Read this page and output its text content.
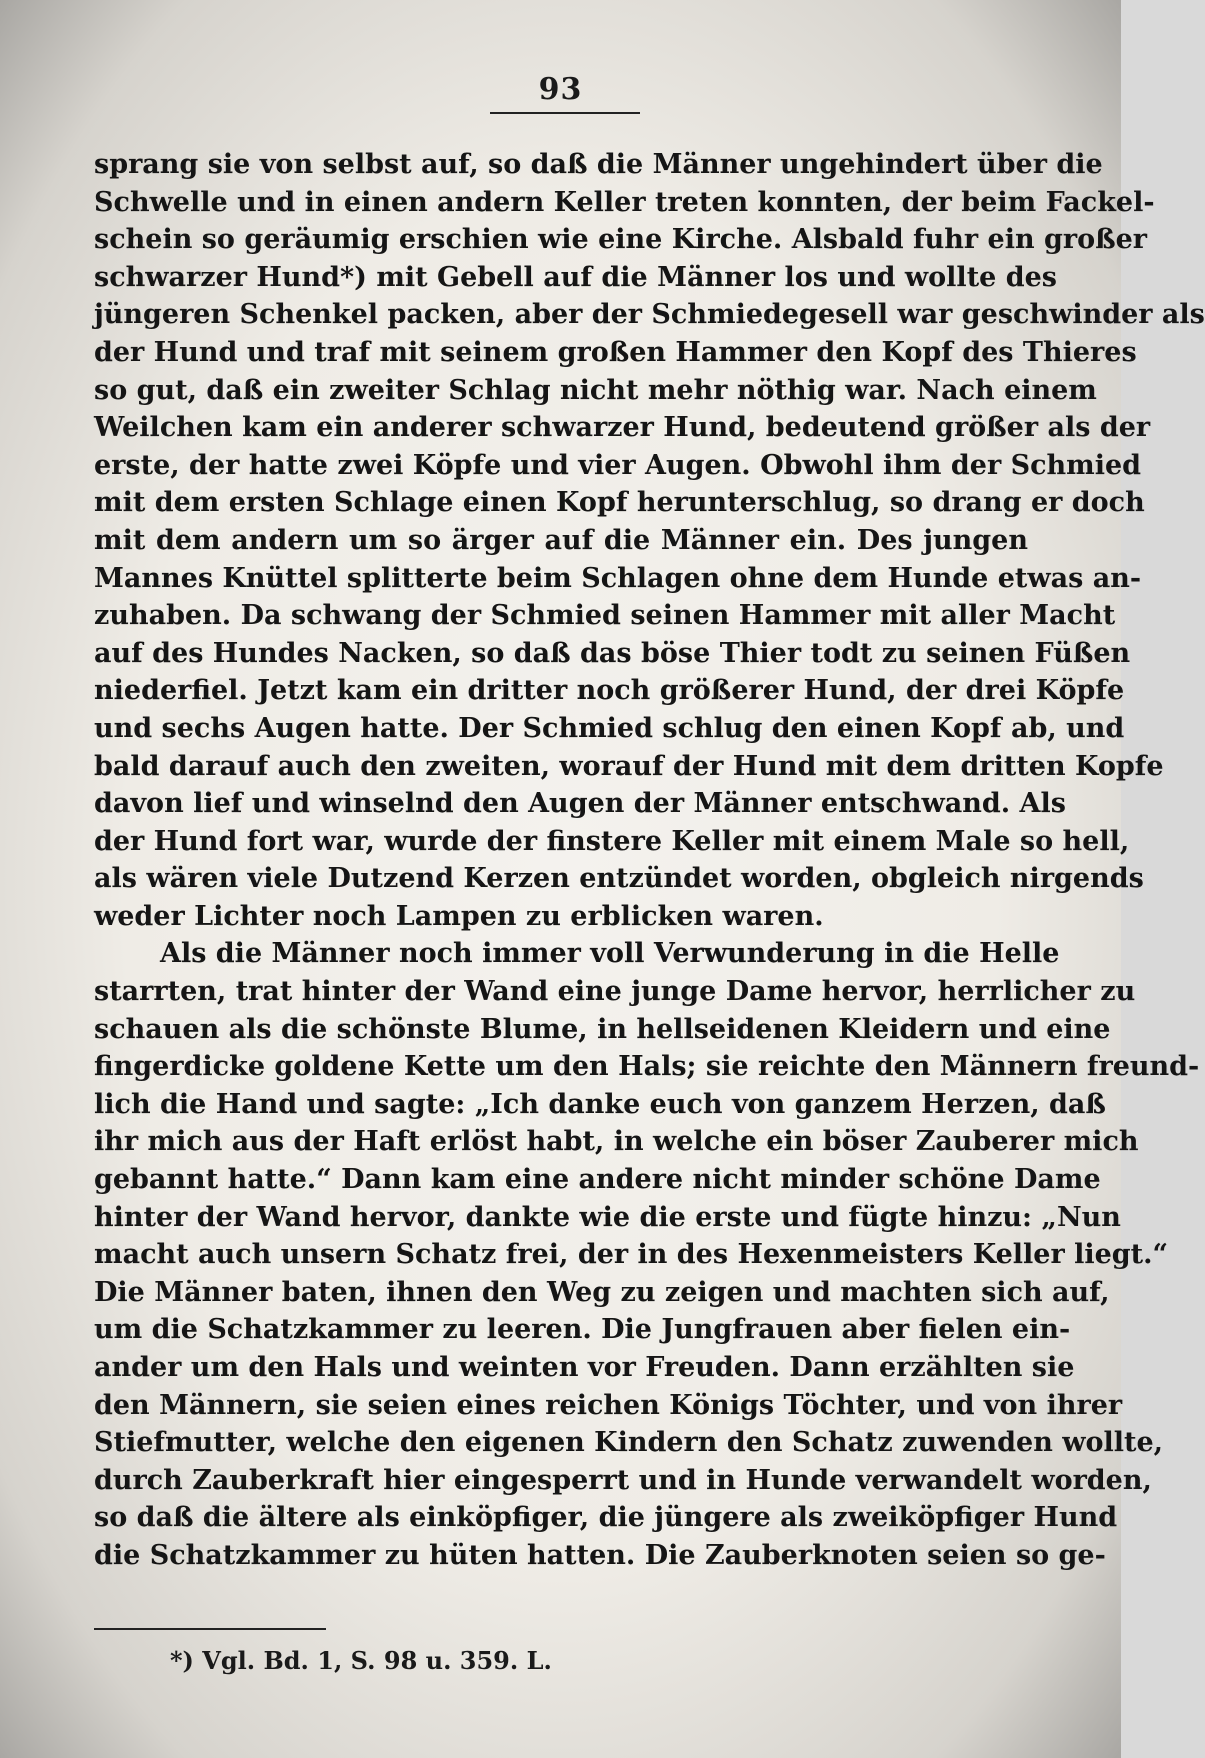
93
sprang sie von selbst auf, so daß die Männer ungehindert über die
Schwelle und in einen andern Keller treten konnten, der beim Fackel-
schein so geräumig erschien wie eine Kirche. Alsbald fuhr ein großer
schwarzer Hund*) mit Gebell auf die Männer los und wollte des
jüngeren Schenkel packen, aber der Schmiedegesell war geschwinder als
der Hund und traf mit seinem großen Hammer den Kopf des Thieres
so gut, daß ein zweiter Schlag nicht mehr nöthig war. Nach einem
Weilchen kam ein anderer schwarzer Hund, bedeutend größer als der
erste, der hatte zwei Köpfe und vier Augen. Obwohl ihm der Schmied
mit dem ersten Schlage einen Kopf herunterschlug, so drang er doch
mit dem andern um so ärger auf die Männer ein. Des jungen
Mannes Knüttel splitterte beim Schlagen ohne dem Hunde etwas an-
zuhaben. Da schwang der Schmied seinen Hammer mit aller Macht
auf des Hundes Nacken, so daß das böse Thier todt zu seinen Füßen
niederfiel. Jetzt kam ein dritter noch größerer Hund, der drei Köpfe
und sechs Augen hatte. Der Schmied schlug den einen Kopf ab, und
bald darauf auch den zweiten, worauf der Hund mit dem dritten Kopfe
davon lief und winselnd den Augen der Männer entschwand. Als
der Hund fort war, wurde der finstere Keller mit einem Male so hell,
als wären viele Dutzend Kerzen entzündet worden, obgleich nirgends
weder Lichter noch Lampen zu erblicken waren.
Als die Männer noch immer voll Verwunderung in die Helle
starrten, trat hinter der Wand eine junge Dame hervor, herrlicher zu
schauen als die schönste Blume, in hellseidenen Kleidern und eine
fingerdicke goldene Kette um den Hals; sie reichte den Männern freund-
lich die Hand und sagte: „Ich danke euch von ganzem Herzen, daß
ihr mich aus der Haft erlöst habt, in welche ein böser Zauberer mich
gebannt hatte.“ Dann kam eine andere nicht minder schöne Dame
hinter der Wand hervor, dankte wie die erste und fügte hinzu: „Nun
macht auch unsern Schatz frei, der in des Hexenmeisters Keller liegt.“
Die Männer baten, ihnen den Weg zu zeigen und machten sich auf,
um die Schatzkammer zu leeren. Die Jungfrauen aber fielen ein-
ander um den Hals und weinten vor Freuden. Dann erzählten sie
den Männern, sie seien eines reichen Königs Töchter, und von ihrer
Stiefmutter, welche den eigenen Kindern den Schatz zuwenden wollte,
durch Zauberkraft hier eingesperrt und in Hunde verwandelt worden,
so daß die ältere als einköpfiger, die jüngere als zweiköpfiger Hund
die Schatzkammer zu hüten hatten. Die Zauberknoten seien so ge-
*) Vgl. Bd. 1, S. 98 u. 359. L.
